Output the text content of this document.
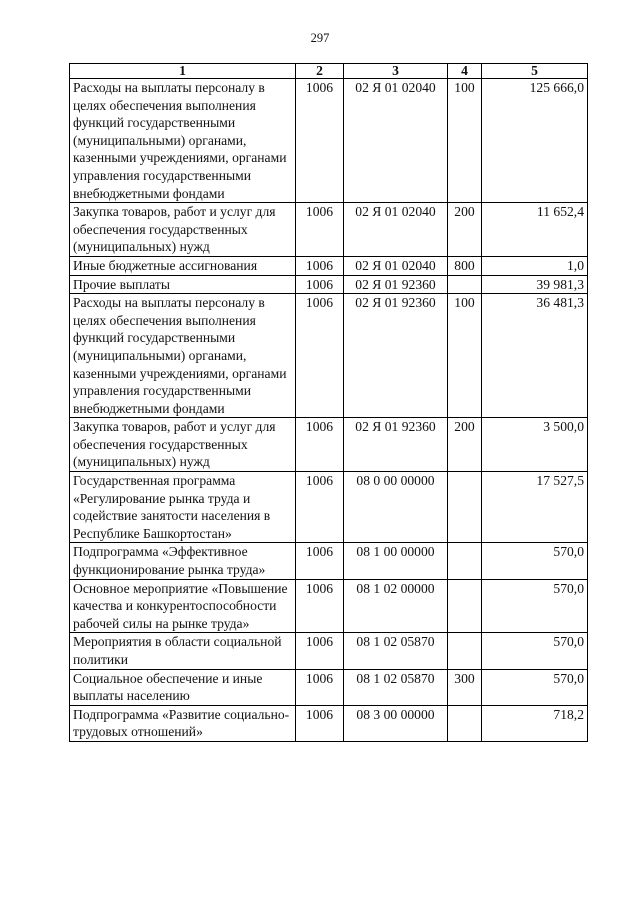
297
1	2	3	4	5
Расходы на выплаты персоналу в целях обеспечения выполнения функций государственными (муниципальными) органами, казенными учреждениями, органами управления государственными внебюджетными фондами	1006	02 Я 01 02040	100	125 666,0
Закупка товаров, работ и услуг для обеспечения государственных (муниципальных) нужд	1006	02 Я 01 02040	200	11 652,4
Иные бюджетные ассигнования	1006	02 Я 01 02040	800	1,0
Прочие выплаты	1006	02 Я 01 92360		39 981,3
Расходы на выплаты персоналу в целях обеспечения выполнения функций государственными (муниципальными) органами, казенными учреждениями, органами управления государственными внебюджетными фондами	1006	02 Я 01 92360	100	36 481,3
Закупка товаров, работ и услуг для обеспечения государственных (муниципальных) нужд	1006	02 Я 01 92360	200	3 500,0
Государственная программа «Регулирование рынка труда и содействие занятости населения в Республике Башкортостан»	1006	08 0 00 00000		17 527,5
Подпрограмма «Эффективное функционирование рынка труда»	1006	08 1 00 00000		570,0
Основное мероприятие «Повышение качества и конкурентоспособности рабочей силы на рынке труда»	1006	08 1 02 00000		570,0
Мероприятия в области социальной политики	1006	08 1 02 05870		570,0
Социальное обеспечение и иные выплаты населению	1006	08 1 02 05870	300	570,0
Подпрограмма «Развитие социально-трудовых отношений»	1006	08 3 00 00000		718,2
